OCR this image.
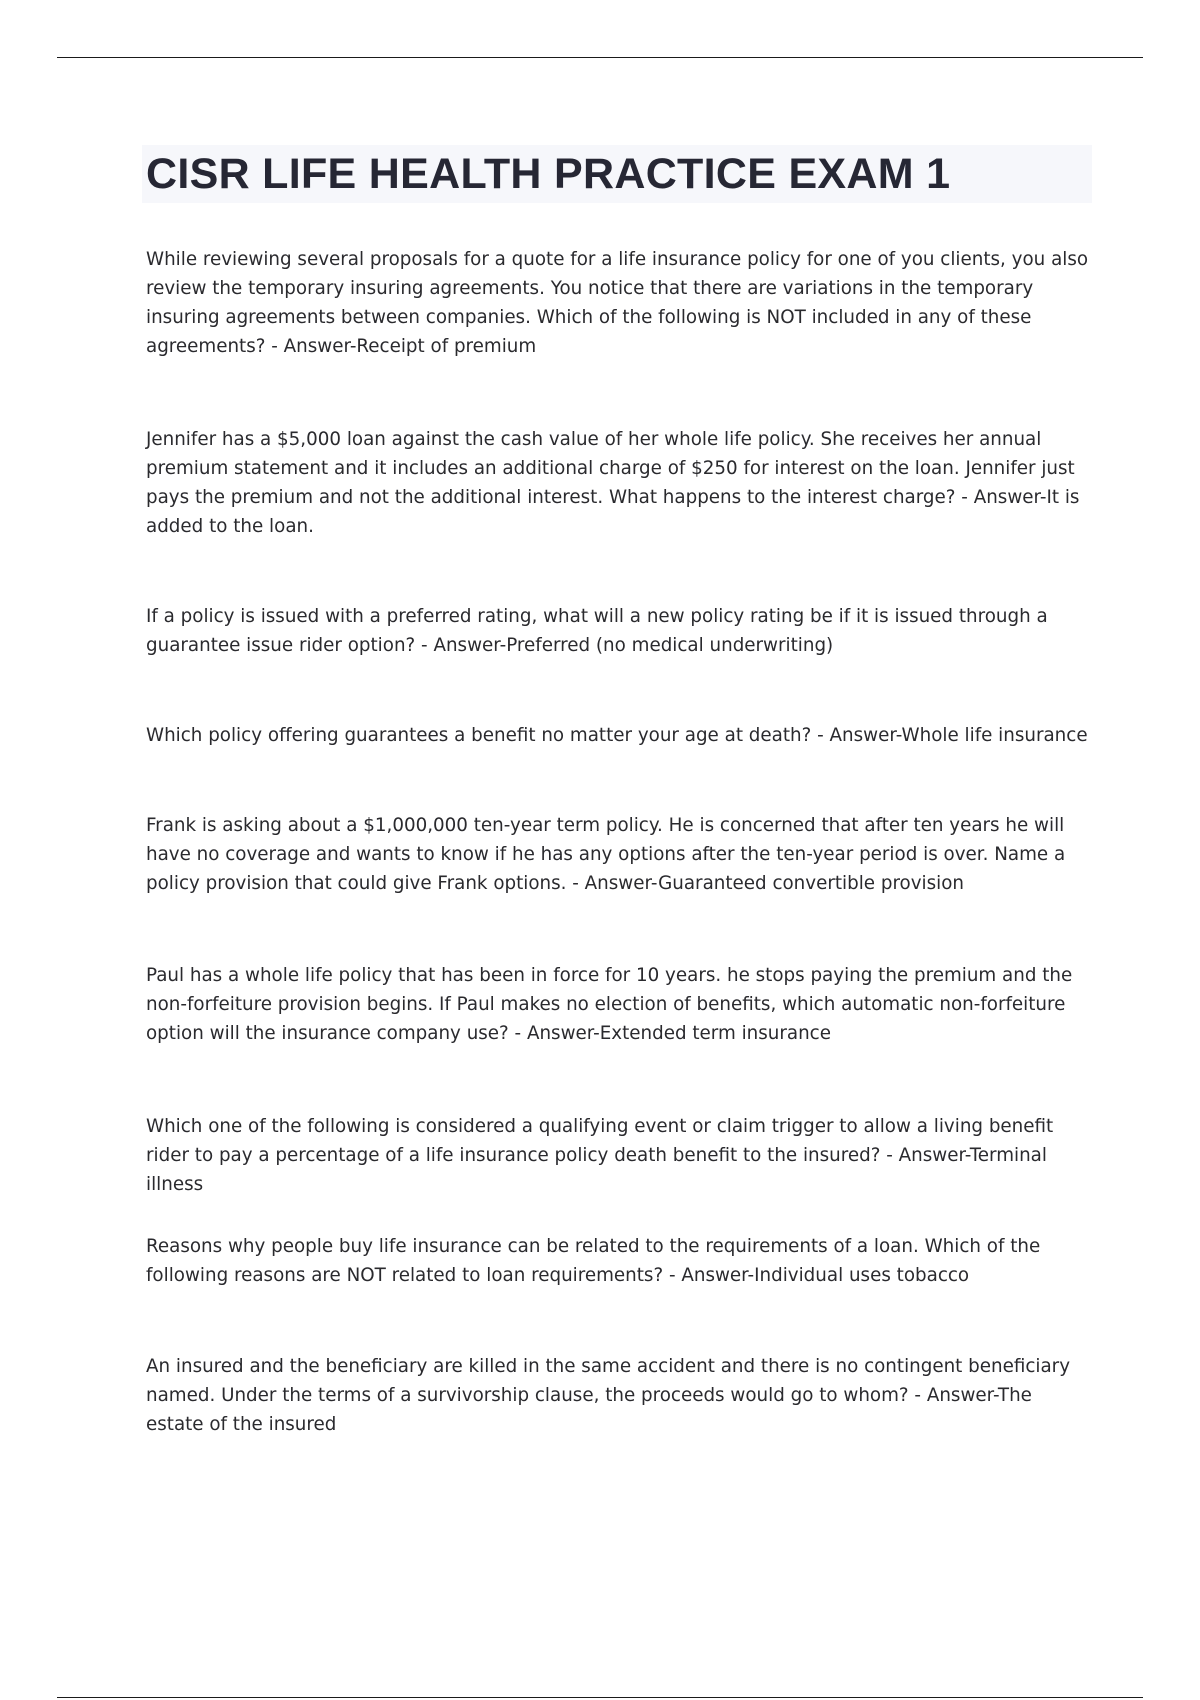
CISR LIFE HEALTH PRACTICE EXAM 1

While reviewing several proposals for a quote for a life insurance policy for one of you clients, you also review the temporary insuring agreements. You notice that there are variations in the temporary insuring agreements between companies. Which of the following is NOT included in any of these agreements? - Answer-Receipt of premium

Jennifer has a $5,000 loan against the cash value of her whole life policy. She receives her annual premium statement and it includes an additional charge of $250 for interest on the loan. Jennifer just pays the premium and not the additional interest. What happens to the interest charge? - Answer-It is added to the loan.

If a policy is issued with a preferred rating, what will a new policy rating be if it is issued through a guarantee issue rider option? - Answer-Preferred (no medical underwriting)

Which policy offering guarantees a benefit no matter your age at death? - Answer-Whole life insurance

Frank is asking about a $1,000,000 ten-year term policy. He is concerned that after ten years he will have no coverage and wants to know if he has any options after the ten-year period is over. Name a policy provision that could give Frank options. - Answer-Guaranteed convertible provision

Paul has a whole life policy that has been in force for 10 years. he stops paying the premium and the non-forfeiture provision begins. If Paul makes no election of benefits, which automatic non-forfeiture option will the insurance company use? - Answer-Extended term insurance

Which one of the following is considered a qualifying event or claim trigger to allow a living benefit rider to pay a percentage of a life insurance policy death benefit to the insured? - Answer-Terminal illness

Reasons why people buy life insurance can be related to the requirements of a loan. Which of the following reasons are NOT related to loan requirements? - Answer-Individual uses tobacco

An insured and the beneficiary are killed in the same accident and there is no contingent beneficiary named. Under the terms of a survivorship clause, the proceeds would go to whom? - Answer-The estate of the insured
